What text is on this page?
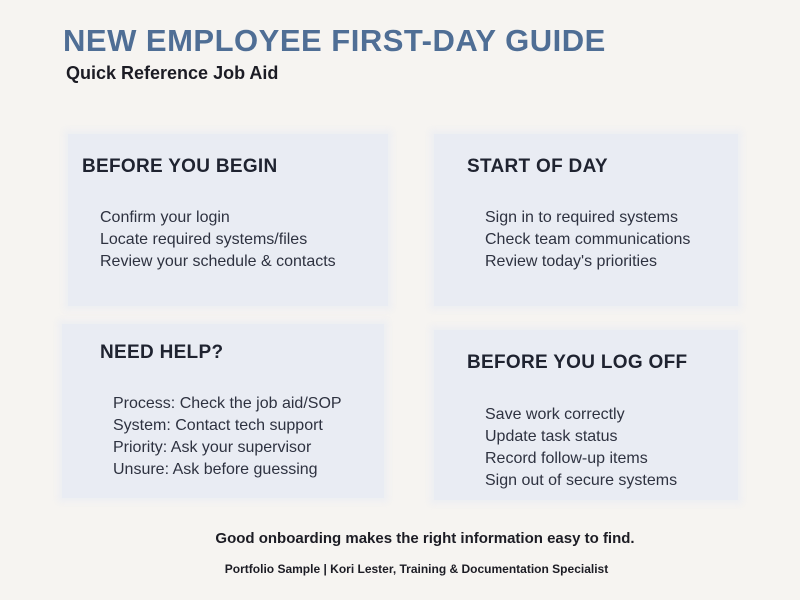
NEW EMPLOYEE FIRST-DAY GUIDE

Quick Reference Job Aid

BEFORE YOU BEGIN
Confirm your login
Locate required systems/files
Review your schedule & contacts
START OF DAY
Sign in to required systems
Check team communications
Review today's priorities
NEED HELP?
Process: Check the job aid/SOP
System: Contact tech support
Priority: Ask your supervisor
Unsure: Ask before guessing
BEFORE YOU LOG OFF
Save work correctly
Update task status
Record follow-up items
Sign out of secure systems

Good onboarding makes the right information easy to find.

Portfolio Sample | Kori Lester, Training & Documentation Specialist
